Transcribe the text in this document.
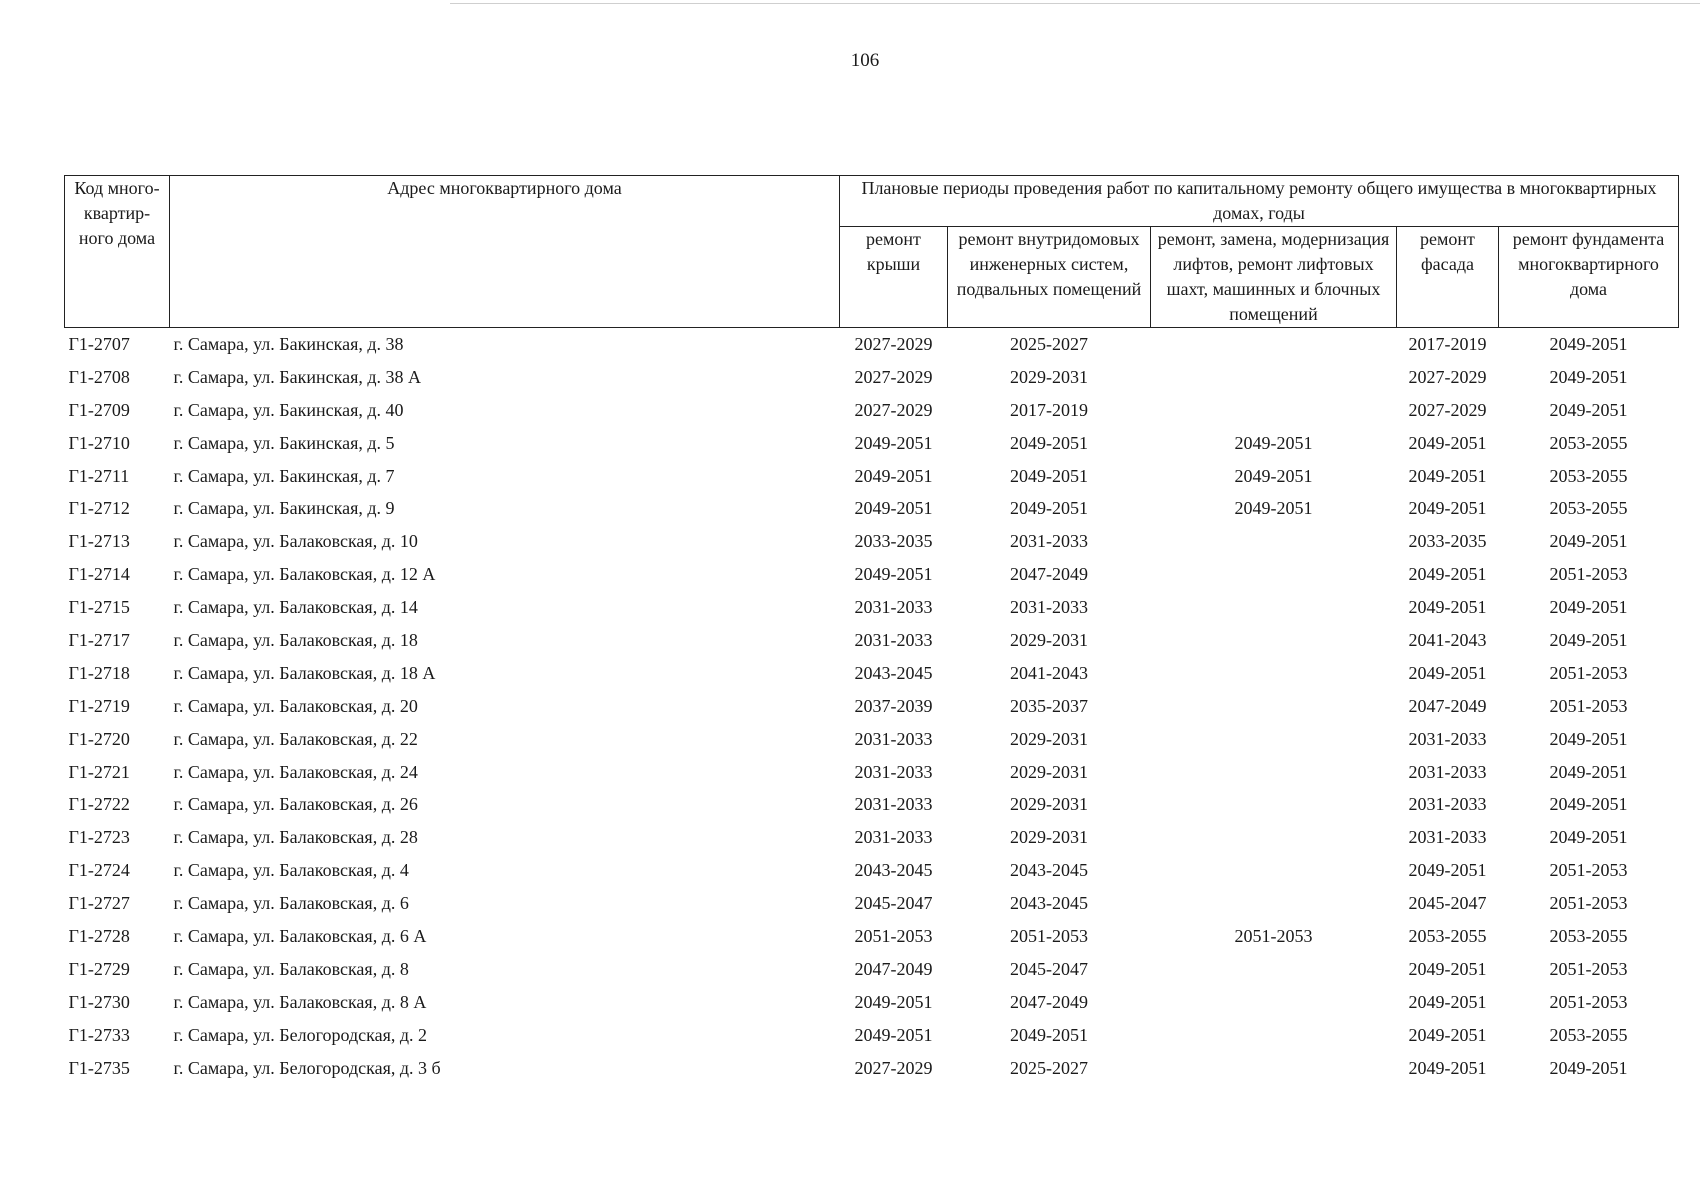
106
Код много-квартир-ного дома	Адрес многоквартирного дома	Плановые периоды проведения работ по капитальному ремонту общего имущества в многоквартирных домах, годы				
		ремонт крыши	ремонт внутридомовых инженерных систем, подвальных помещений	ремонт, замена, модернизация лифтов, ремонт лифтовых шахт, машинных и блочных помещений	ремонт фасада	ремонт фундамента многоквартирного дома
Г1-2707	г. Самара, ул. Бакинская, д. 38	2027-2029	2025-2027		2017-2019	2049-2051
Г1-2708	г. Самара, ул. Бакинская, д. 38 А	2027-2029	2029-2031		2027-2029	2049-2051
Г1-2709	г. Самара, ул. Бакинская, д. 40	2027-2029	2017-2019		2027-2029	2049-2051
Г1-2710	г. Самара, ул. Бакинская, д. 5	2049-2051	2049-2051	2049-2051	2049-2051	2053-2055
Г1-2711	г. Самара, ул. Бакинская, д. 7	2049-2051	2049-2051	2049-2051	2049-2051	2053-2055
Г1-2712	г. Самара, ул. Бакинская, д. 9	2049-2051	2049-2051	2049-2051	2049-2051	2053-2055
Г1-2713	г. Самара, ул. Балаковская, д. 10	2033-2035	2031-2033		2033-2035	2049-2051
Г1-2714	г. Самара, ул. Балаковская, д. 12 А	2049-2051	2047-2049		2049-2051	2051-2053
Г1-2715	г. Самара, ул. Балаковская, д. 14	2031-2033	2031-2033		2049-2051	2049-2051
Г1-2717	г. Самара, ул. Балаковская, д. 18	2031-2033	2029-2031		2041-2043	2049-2051
Г1-2718	г. Самара, ул. Балаковская, д. 18 А	2043-2045	2041-2043		2049-2051	2051-2053
Г1-2719	г. Самара, ул. Балаковская, д. 20	2037-2039	2035-2037		2047-2049	2051-2053
Г1-2720	г. Самара, ул. Балаковская, д. 22	2031-2033	2029-2031		2031-2033	2049-2051
Г1-2721	г. Самара, ул. Балаковская, д. 24	2031-2033	2029-2031		2031-2033	2049-2051
Г1-2722	г. Самара, ул. Балаковская, д. 26	2031-2033	2029-2031		2031-2033	2049-2051
Г1-2723	г. Самара, ул. Балаковская, д. 28	2031-2033	2029-2031		2031-2033	2049-2051
Г1-2724	г. Самара, ул. Балаковская, д. 4	2043-2045	2043-2045		2049-2051	2051-2053
Г1-2727	г. Самара, ул. Балаковская, д. 6	2045-2047	2043-2045		2045-2047	2051-2053
Г1-2728	г. Самара, ул. Балаковская, д. 6 А	2051-2053	2051-2053	2051-2053	2053-2055	2053-2055
Г1-2729	г. Самара, ул. Балаковская, д. 8	2047-2049	2045-2047		2049-2051	2051-2053
Г1-2730	г. Самара, ул. Балаковская, д. 8 А	2049-2051	2047-2049		2049-2051	2051-2053
Г1-2733	г. Самара, ул. Белогородская, д. 2	2049-2051	2049-2051		2049-2051	2053-2055
Г1-2735	г. Самара, ул. Белогородская, д. 3 б	2027-2029	2025-2027		2049-2051	2049-2051
